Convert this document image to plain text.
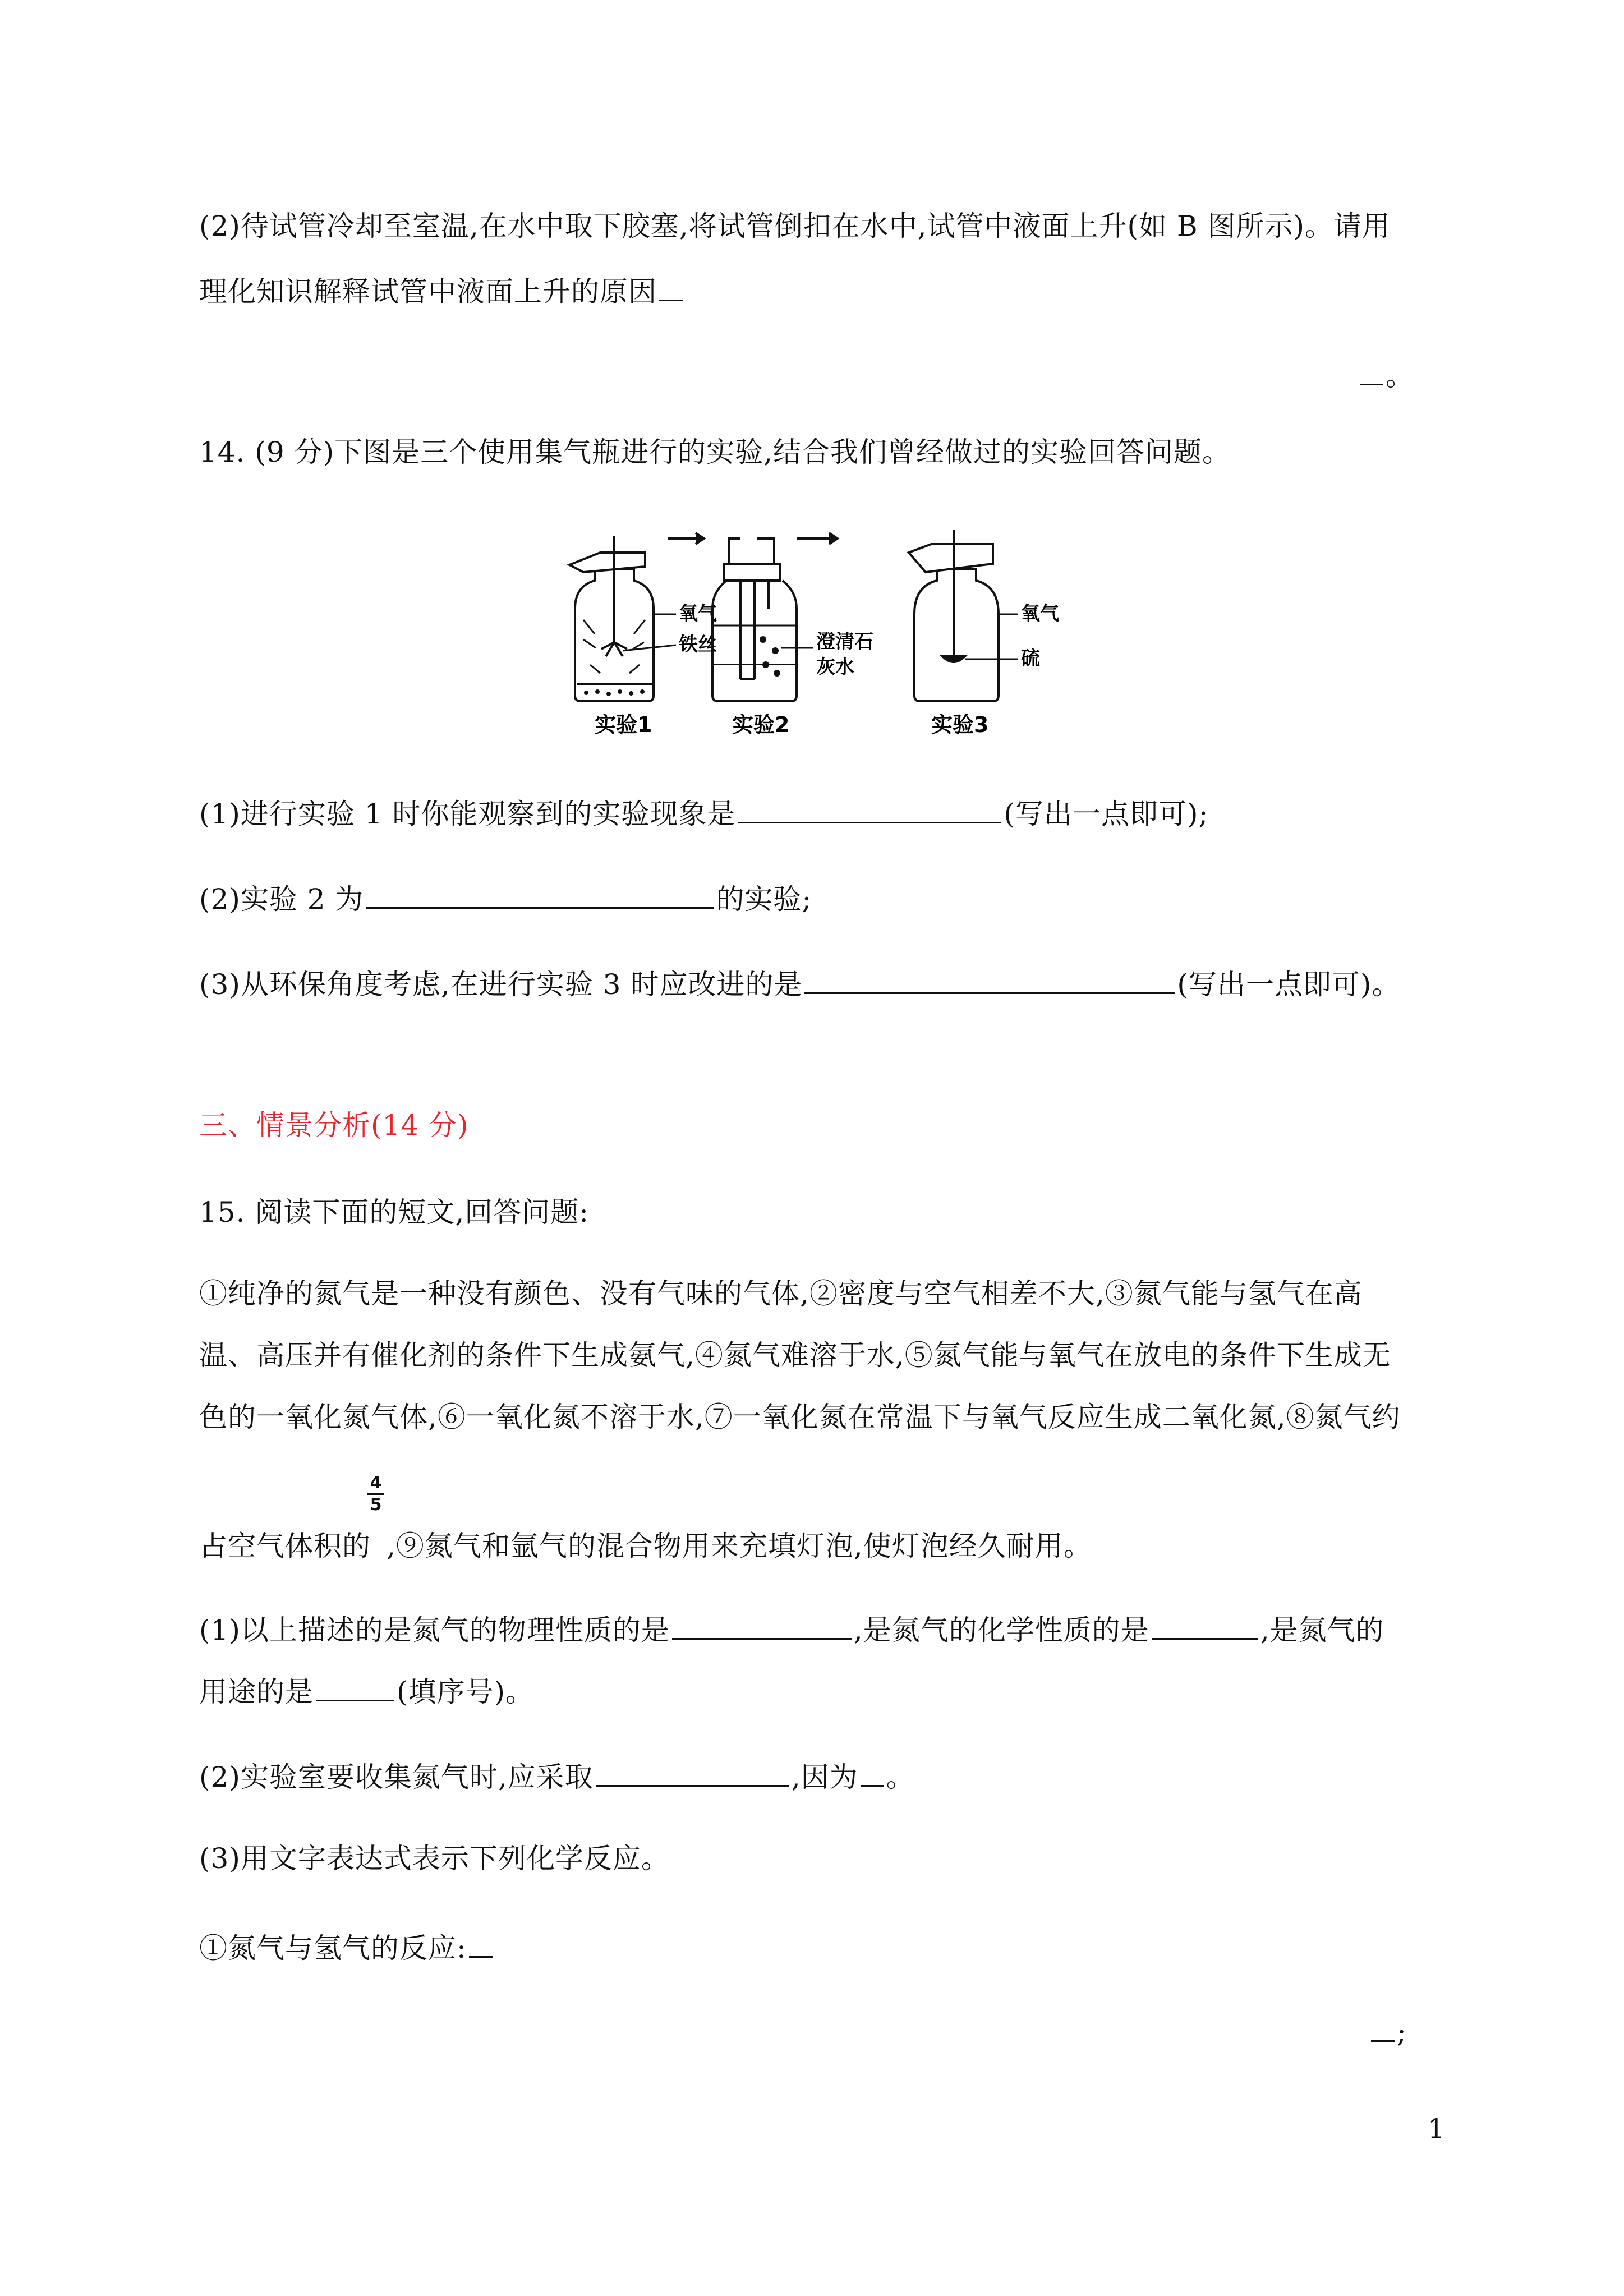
(2)待试管冷却至室温,在水中取下胶塞,将试管倒扣在水中,试管中液面上升(如 B 图所示)。请用
理化知识解释试管中液面上升的原因
。
14. (9 分)下图是三个使用集气瓶进行的实验,结合我们曾经做过的实验回答问题。
氧气
铁丝
实验1
澄清石
灰水
实验2
氧气
硫
实验3
(1)进行实验 1 时你能观察到的实验现象是	(写出一点即可);
(2)实验 2 为	的实验;
(3)从环保角度考虑,在进行实验 3 时应改进的是	(写出一点即可)。
三、情景分析(14 分)
15. 阅读下面的短文,回答问题:
①纯净的氮气是一种没有颜色、没有气味的气体,②密度与空气相差不大,③氮气能与氢气在高
温、高压并有催化剂的条件下生成氨气,④氮气难溶于水,⑤氮气能与氧气在放电的条件下生成无
色的一氧化氮气体,⑥一氧化氮不溶于水,⑦一氧化氮在常温下与氧气反应生成二氧化氮,⑧氮气约
4
5
占空气体积的 ,⑨氮气和氩气的混合物用来充填灯泡,使灯泡经久耐用。
(1)以上描述的是氮气的物理性质的是	,是氮气的化学性质的是	,是氮气的
用途的是	(填序号)。
(2)实验室要收集氮气时,应采取	,因为 。
(3)用文字表达式表示下列化学反应。
①氮气与氢气的反应:
;
1
